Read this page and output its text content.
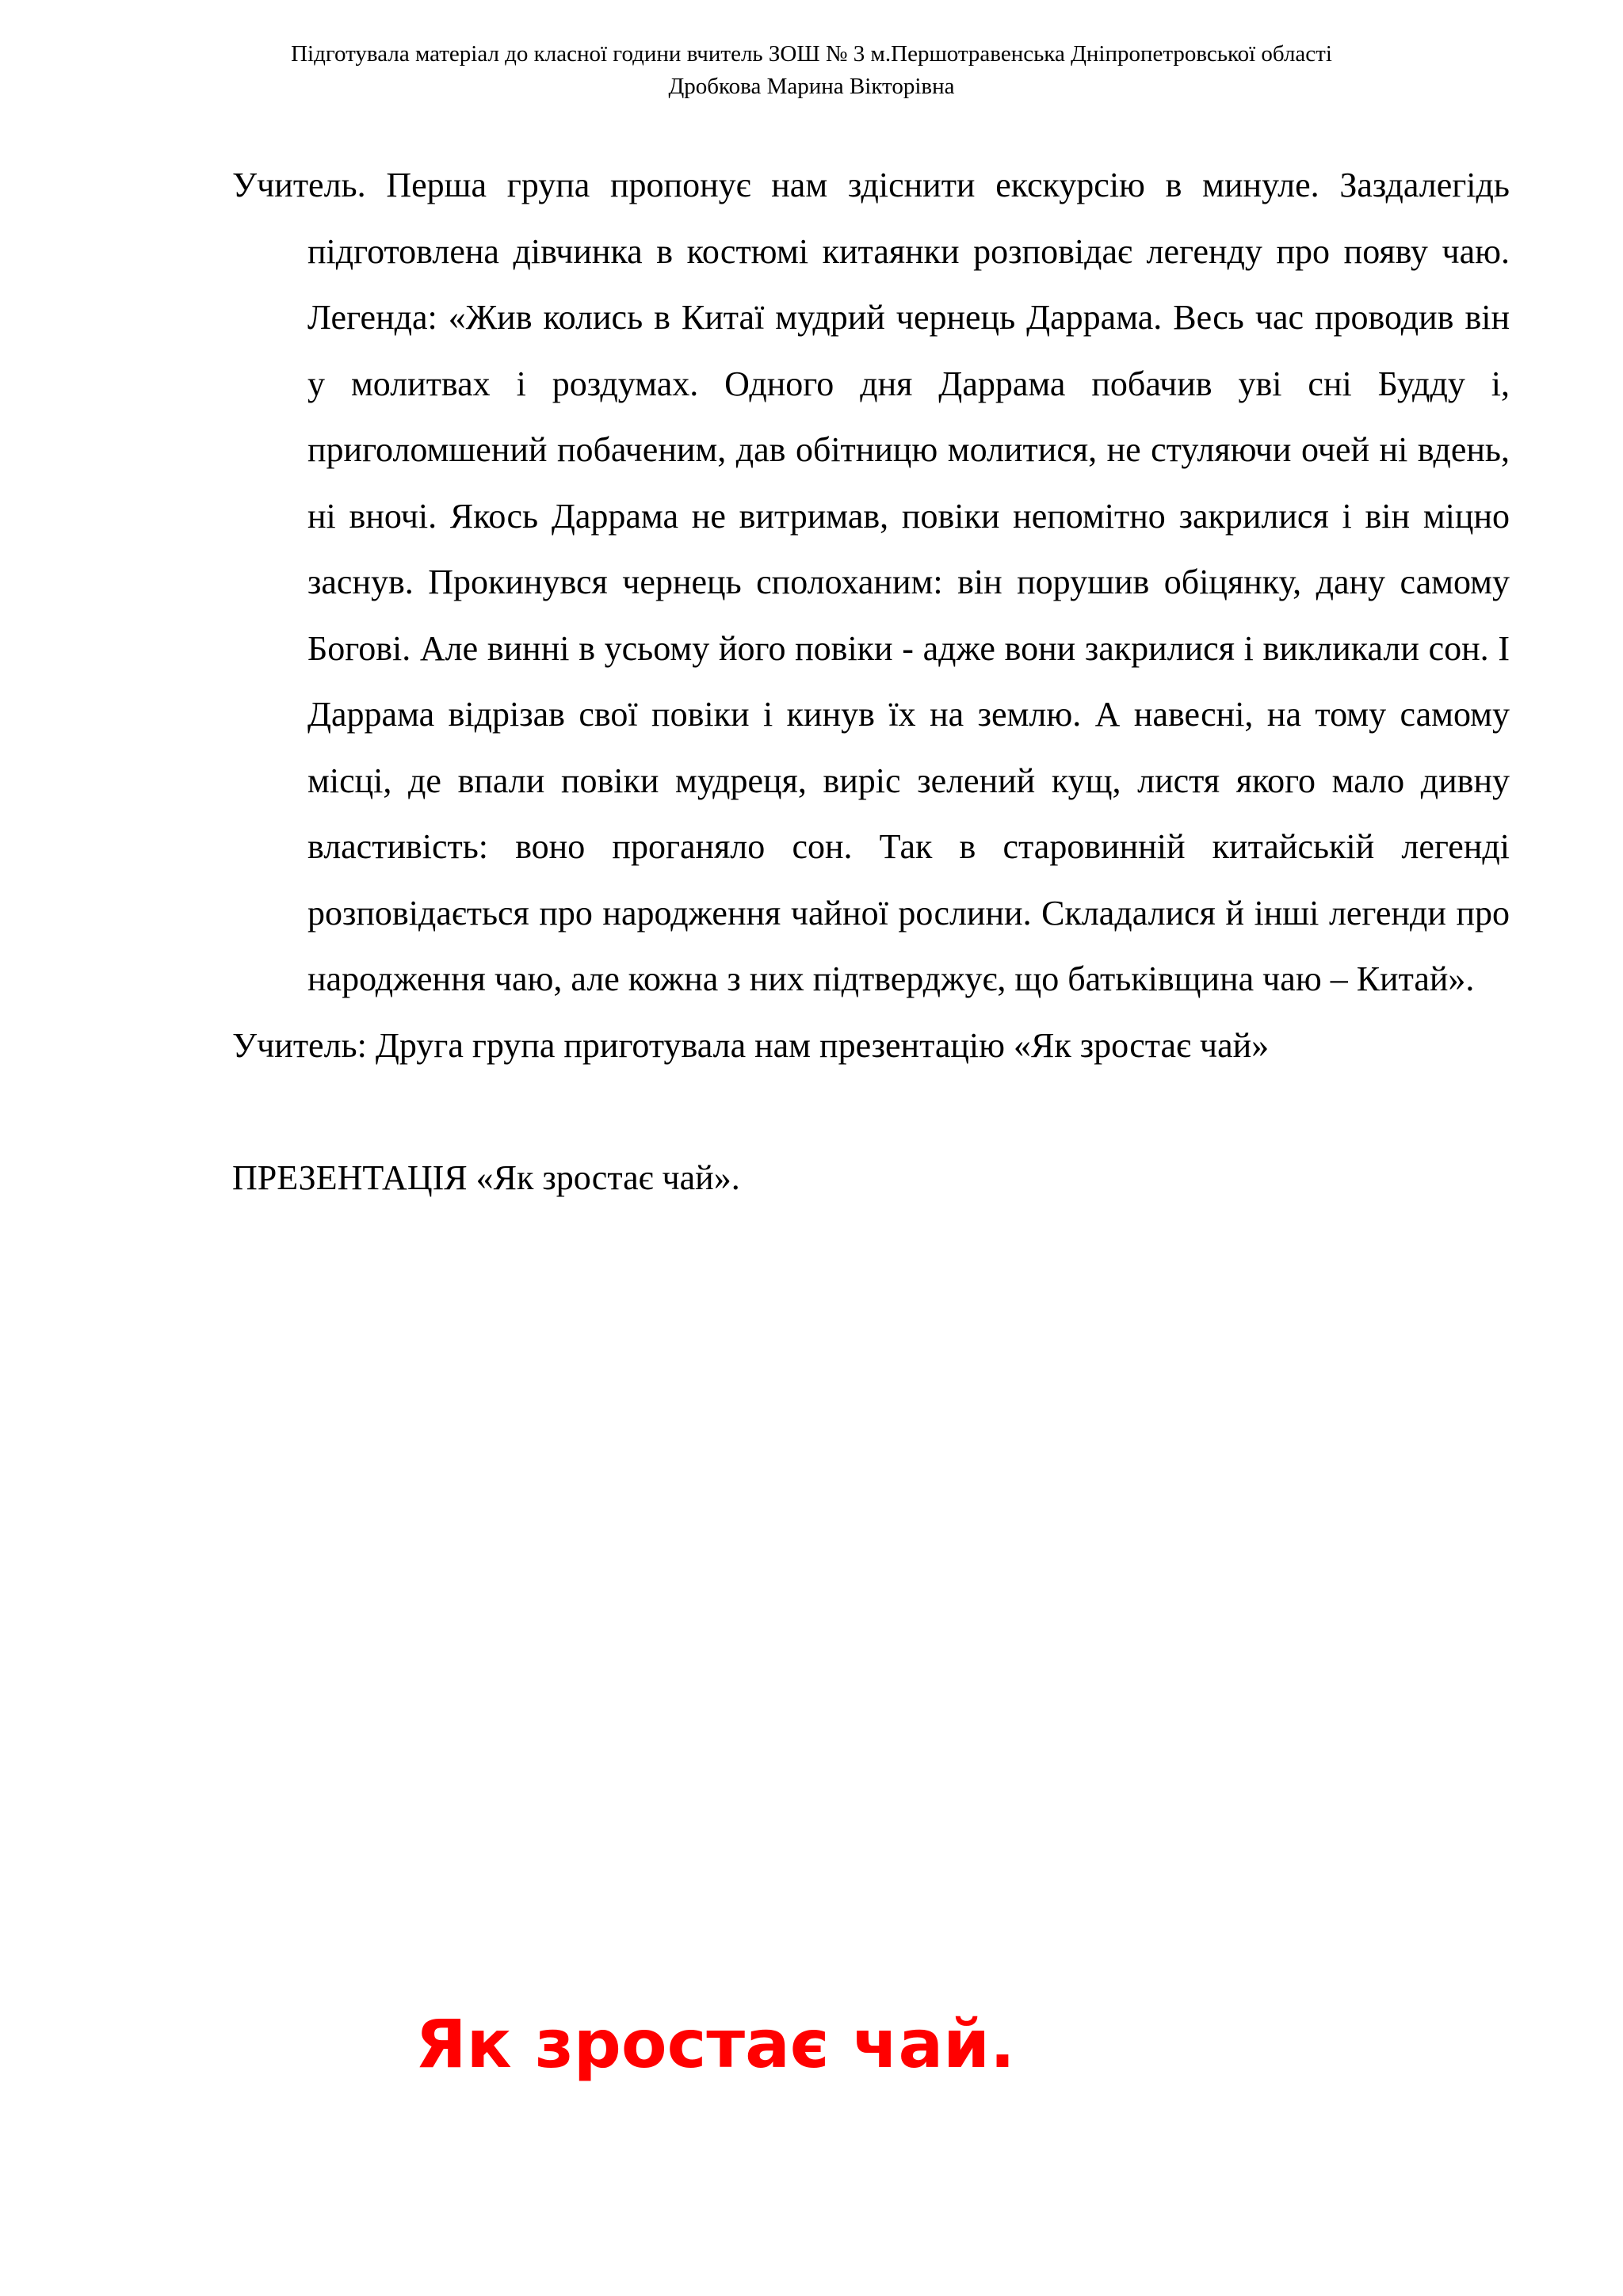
Підготувала матеріал до класної години вчитель ЗОШ № 3 м.Першотравенська Дніпропетровської області
Дробкова Марина Вікторівна

Учитель. Перша група пропонує нам здіснити екскурсію в минуле. Заздалегідь підготовлена дівчинка в костюмі китаянки розповідає легенду про появу чаю. Легенда: «Жив колись в Китаї мудрий чернець Даррама. Весь час проводив він у молитвах і роздумах. Одного дня Даррама побачив уві сні Будду і, приголомшений побаченим, дав обітницю молитися, не стуляючи очей ні вдень, ні вночі. Якось Даррама не витримав, повіки непомітно закрилися і він міцно заснув. Прокинувся чернець сполоханим: він порушив обіцянку, дану самому Богові. Але винні в усьому його повіки - адже вони закрилися і викликали сон. І Даррама відрізав свої повіки і кинув їх на землю. А навесні, на тому самому місці, де впали повіки мудреця, виріс зелений кущ, листя якого мало дивну властивість: воно проганяло сон. Так в старовинній китайській легенді розповідається про народження чайної рослини. Складалися й інші легенди про народження чаю, але кожна з них підтверджує, що батьківщина чаю – Китай».

Учитель: Друга група приготувала нам презентацію «Як зростає чай»

ПРЕЗЕНТАЦІЯ «Як зростає чай».

Як зростає чай.
